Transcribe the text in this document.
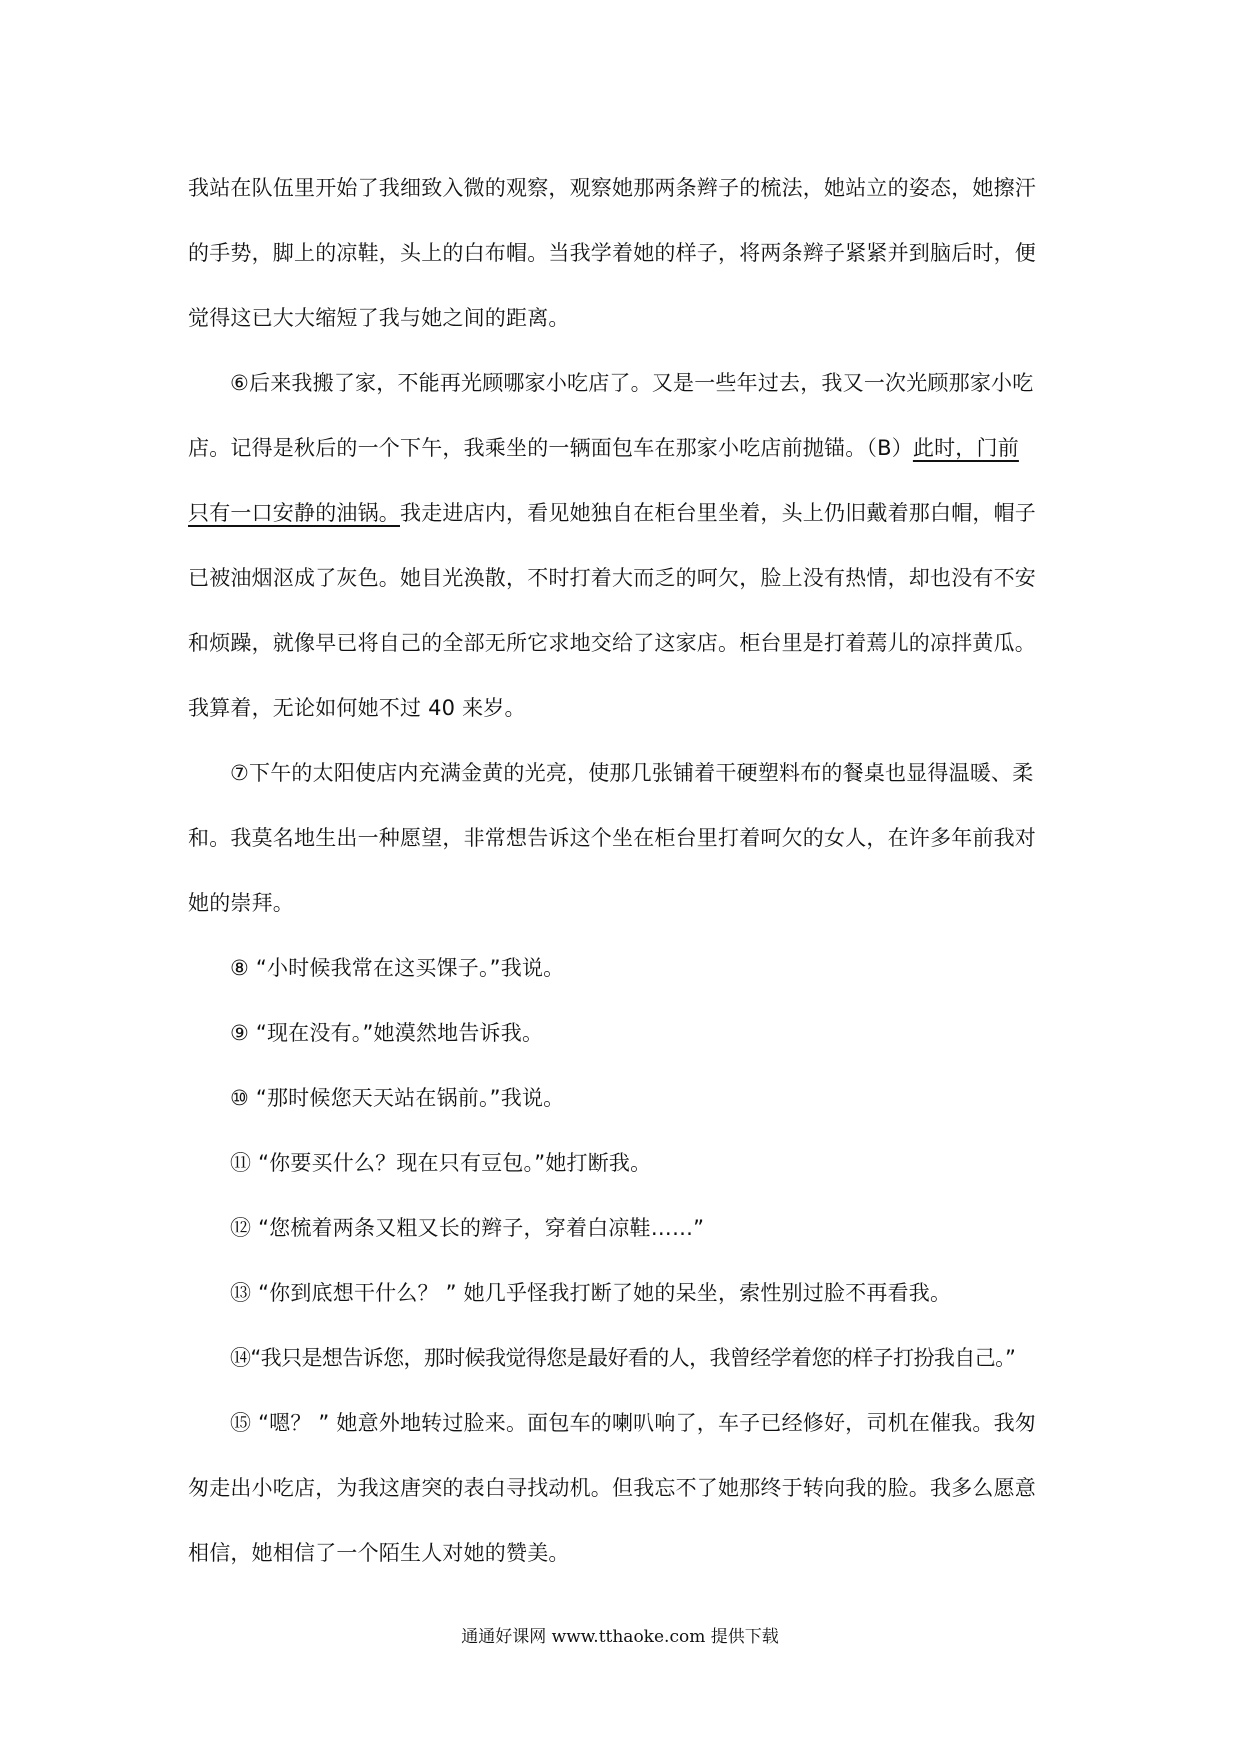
我站在队伍里开始了我细致入微的观察，观察她那两条辫子的梳法，她站立的姿态，她擦汗
的手势，脚上的凉鞋，头上的白布帽。当我学着她的样子，将两条辫子紧紧并到脑后时，便
觉得这已大大缩短了我与她之间的距离。

⑥后来我搬了家，不能再光顾哪家小吃店了。又是一些年过去，我又一次光顾那家小吃
店。记得是秋后的一个下午，我乘坐的一辆面包车在那家小吃店前抛锚。（B）此时，门前
只有一口安静的油锅。我走进店内，看见她独自在柜台里坐着，头上仍旧戴着那白帽，帽子
已被油烟沤成了灰色。她目光涣散，不时打着大而乏的呵欠，脸上没有热情，却也没有不安
和烦躁，就像早已将自己的全部无所它求地交给了这家店。柜台里是打着蔫儿的凉拌黄瓜。
我算着，无论如何她不过 40 来岁。

⑦下午的太阳使店内充满金黄的光亮，使那几张铺着干硬塑料布的餐桌也显得温暖、柔
和。我莫名地生出一种愿望，非常想告诉这个坐在柜台里打着呵欠的女人，在许多年前我对
她的崇拜。

⑧ “小时候我常在这买馃子。”我说。

⑨ “现在没有。”她漠然地告诉我。

⑩ “那时候您天天站在锅前。”我说。

⑪ “你要买什么？现在只有豆包。”她打断我。

⑫ “您梳着两条又粗又长的辫子，穿着白凉鞋……”

⑬ “你到底想干什么？ ” 她几乎怪我打断了她的呆坐，索性别过脸不再看我。

⑭“我只是想告诉您，那时候我觉得您是最好看的人，我曾经学着您的样子打扮我自己。”

⑮ “嗯？ ” 她意外地转过脸来。面包车的喇叭响了，车子已经修好，司机在催我。我匆
匆走出小吃店，为我这唐突的表白寻找动机。但我忘不了她那终于转向我的脸。我多么愿意
相信，她相信了一个陌生人对她的赞美。

通通好课网 www.tthaoke.com 提供下载
